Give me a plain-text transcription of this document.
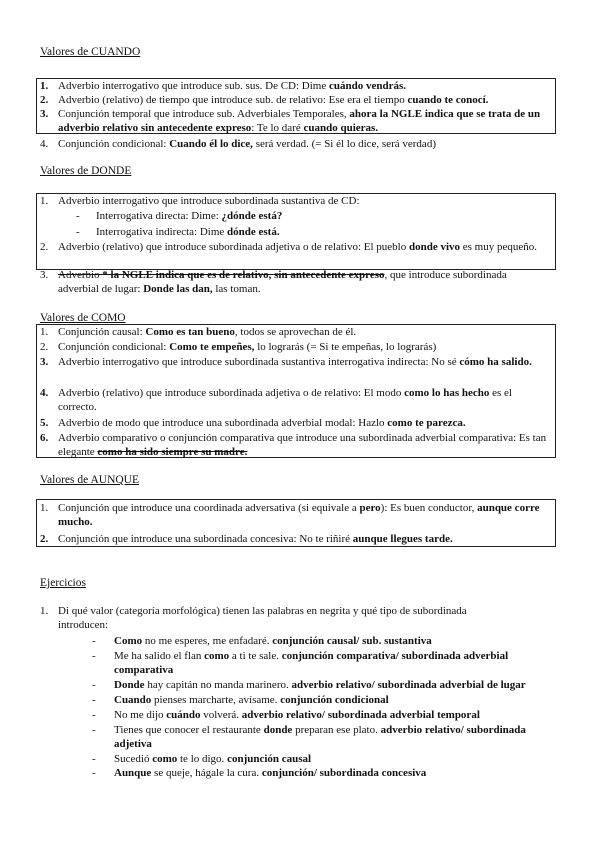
Valores de CUANDO
1. Adverbio interrogativo que introduce sub. sus. De CD: Dime cuándo vendrás.
2. Adverbio (relativo) de tiempo que introduce sub. de relativo: Ese era el tiempo cuando te conocí.
3. Conjunción temporal que introduce sub. Adverbiales Temporales, ahora la NGLE indica que se trata de un adverbio relativo sin antecedente expreso: Te lo daré cuando quieras.
4. Conjunción condicional: Cuando él lo dice, será verdad. (= Si él lo dice, será verdad)
Valores de DONDE
1. Adverbio interrogativo que introduce subordinada sustantiva de CD:
- Interrogativa directa: Dime: ¿dónde está?
- Interrogativa indirecta: Dime dónde está.
2. Adverbio (relativo) que introduce subordinada adjetiva o de relativo: El pueblo donde vivo es muy pequeño.
3. Adverbio * la NGLE indica que es de relativo, sin antecedente expreso, que introduce subordinada adverbial de lugar: Donde las dan, las toman.
Valores de COMO
1. Conjunción causal: Como es tan bueno, todos se aprovechan de él.
2. Conjunción condicional: Como te empeñes, lo lograrás (= Si te empeñas, lo lograrás)
3. Adverbio interrogativo que introduce subordinada sustantiva interrogativa indirecta: No sé cómo ha salido.
4. Adverbio (relativo) que introduce subordinada adjetiva o de relativo: El modo como lo has hecho es el correcto.
5. Adverbio de modo que introduce una subordinada adverbial modal: Hazlo como te parezca.
6. Adverbio comparativo o conjunción comparativa que introduce una subordinada adverbial comparativa: Es tan elegante como ha sido siempre su madre.
Valores de AUNQUE
1. Conjunción que introduce una coordinada adversativa (si equivale a pero): Es buen conductor, aunque corre mucho.
2. Conjunción que introduce una subordinada concesiva: No te riñiré aunque llegues tarde.
Ejercicios
1. Di qué valor (categoría morfológica) tienen las palabras en negrita y qué tipo de subordinada introducen:
- Como no me esperes, me enfadaré. conjunción causal/ sub. sustantiva
- Me ha salido el flan como a ti te sale. conjunción comparativa/ subordinada adverbial comparativa
- Donde hay capitán no manda marinero. adverbio relativo/ subordinada adverbial de lugar
- Cuando pienses marcharte, avísame. conjunción condicional
- No me dijo cuándo volverá. adverbio relativo/ subordinada adverbial temporal
- Tienes que conocer el restaurante donde preparan ese plato. adverbio relativo/ subordinada adjetiva
- Sucedió como te lo digo. conjunción causal
- Aunque se queje, hágale la cura. conjunción/ subordinada concesiva
